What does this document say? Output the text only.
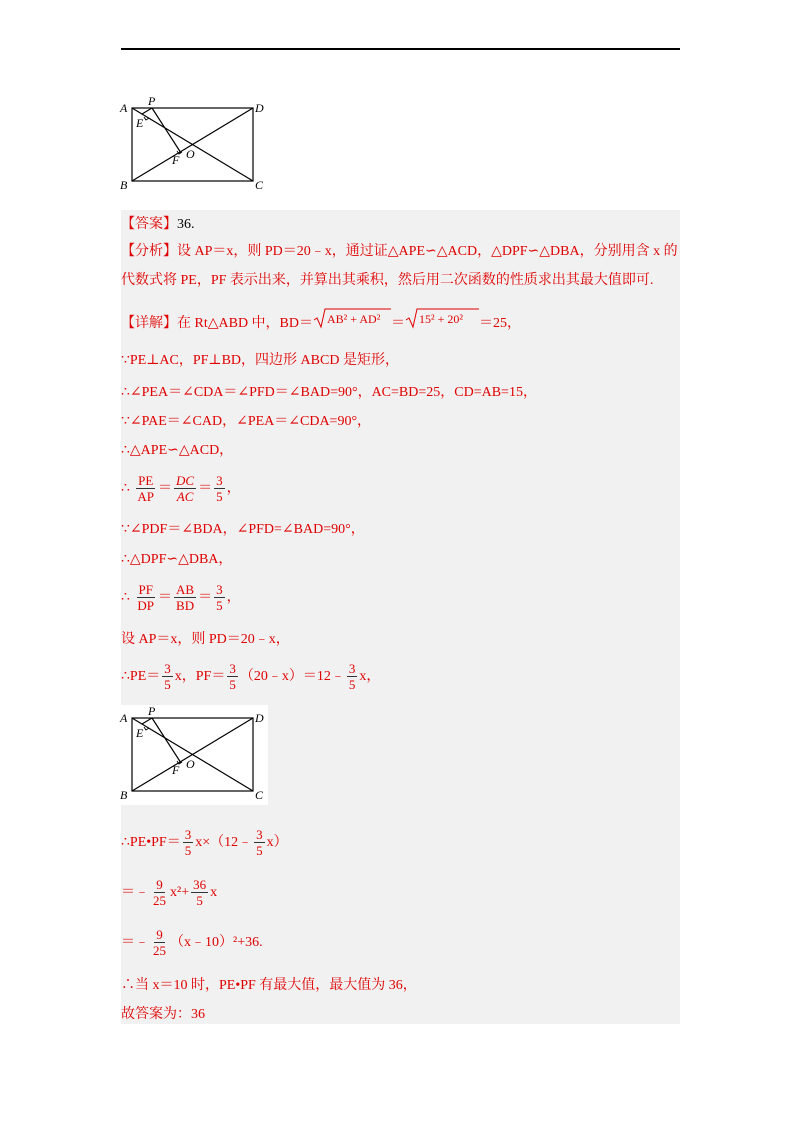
A P	D
E
F O
B	C
【答案】36.
【分析】设 AP＝x，则 PD＝20﹣x，通过证△APE∽△ACD，△DPF∽△DBA，分别用含 x 的
代数式将 PE，PF 表示出来，并算出其乘积，然后用二次函数的性质求出其最大值即可.
【详解】在 Rt△ABD 中，BD＝ AB² + AD² ＝ 15² + 20² ＝25，
∵PE⊥AC，PF⊥BD，四边形 ABCD 是矩形，
∴∠PEA＝∠CDA＝∠PFD＝∠BAD=90°，AC=BD=25，CD=AB=15，
∵∠PAE＝∠CAD，∠PEA＝∠CDA=90°，
∴△APE∽△ACD，
∴ $\frac{PE}{AP} = \frac{DC}{AC} = \frac{3}{5}$ ，
∵∠PDF＝∠BDA，∠PFD=∠BAD=90°，
∴△DPF∽△DBA，
∴ $\frac{PF}{DP} = \frac{AB}{BD} = \frac{3}{5}$ ，
设 AP＝x，则 PD＝20﹣x，
∴PE＝ $\frac{3}{5}$ x，$PF= \frac{3}{5}$ （20﹣x）＝12﹣ $\frac{3}{5}$ x，
A P	D
E
F O
B	C
∴PE•PF＝ $\frac{3}{5}$ x×（12﹣ $\frac{3}{5} x$）
＝﹣ $\frac{9}{25} x^2+ \frac{36}{5}$ x
＝﹣ $\frac{9}{25}$ （x﹣10）²+36.
∴当 x＝10 时，PE•PF 有最大值，最大值为 36，
故答案为：36
